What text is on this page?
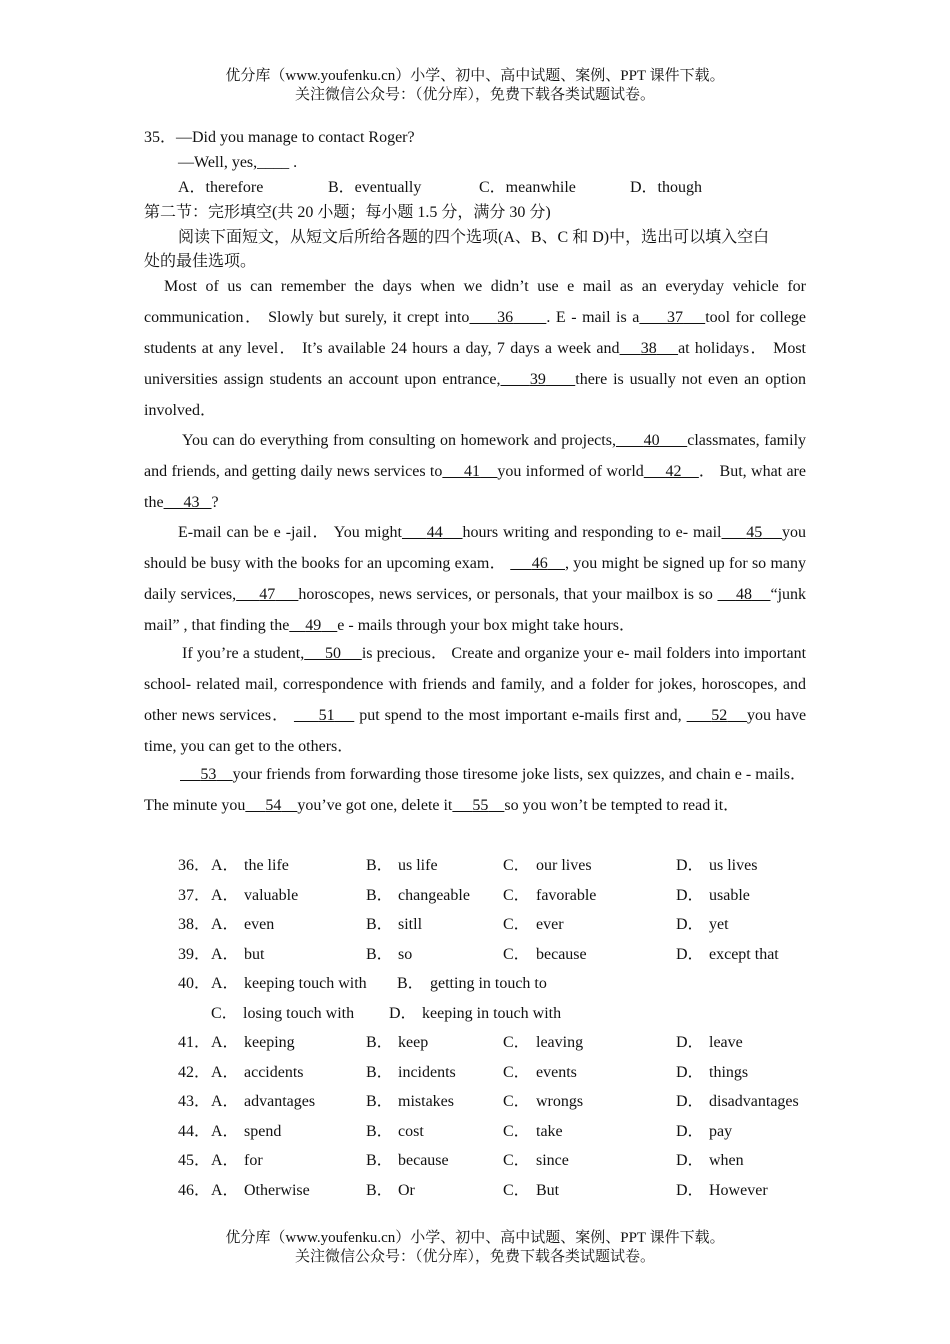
优分库（www.youfenku.cn）小学、初中、高中试题、案例、PPT 课件下载。
关注微信公众号：（优分库），免费下载各类试题试卷。
35．—Did you manage to contact Roger?
—Well, yes,____ .
A．therefore	B．eventually	C．meanwhile	D．though
第二节：完形填空(共 20 小题；每小题 1.5 分，满分 30 分)
阅读下面短文，从短文后所给各题的四个选项(A、B、C 和 D)中，选出可以填入空白
处的最佳选项。
Most of us can remember the days when we didn’t use e mail as an everyday vehicle for communication． Slowly but surely, it crept into 36 . E - mail is a 37 tool for college students at any level． It’s available 24 hours a day, 7 days a week and 38 at holidays． Most universities assign students an account upon entrance, 39 there is usually not even an option involved．
You can do everything from consulting on homework and projects, 40 classmates, family and friends, and getting daily news services to 41 you informed of world 42 ． But, what are the 43 ?
E-mail can be e -jail． You might 44 hours writing and responding to e- mail 45 you should be busy with the books for an upcoming exam． 46 , you might be signed up for so many daily services, 47 horoscopes, news services, or personals, that your mailbox is so 48 “junk mail” , that finding the 49 e - mails through your box might take hours．
If you’re a student, 50 is precious． Create and organize your e- mail folders into important school- related mail, correspondence with friends and family, and a folder for jokes, horoscopes, and other news services． 51 put spend to the most important e-mails first and, 52 you have time, you can get to the others．
53 your friends from forwarding those tiresome joke lists, sex quizzes, and chain e - mails． The minute you 54 you’ve got one, delete it 55 so you won’t be tempted to read it．
36． A． the life	B． us life	C． our lives	D． us lives
37． A． valuable	B． changeable C． favorable	D． usable
38． A． even	B． sitll	C． ever	D． yet
39． A． but	B． so	C． because	D． except that
40． A． keeping touch with B． getting in touch to
C． losing touch with D． keeping in touch with
41． A． keeping	B． keep	C． leaving	D． leave
42． A． accidents	B． incidents	C． events	D． things
43． A． advantages	B． mistakes	C． wrongs	D． disadvantages
44． A． spend	B． cost	C． take	D． pay
45． A． for	B． because	C． since	D． when
46． A． Otherwise	B． Or	C． But	D． However
优分库（www.youfenku.cn）小学、初中、高中试题、案例、PPT 课件下载。
关注微信公众号：（优分库），免费下载各类试题试卷。
